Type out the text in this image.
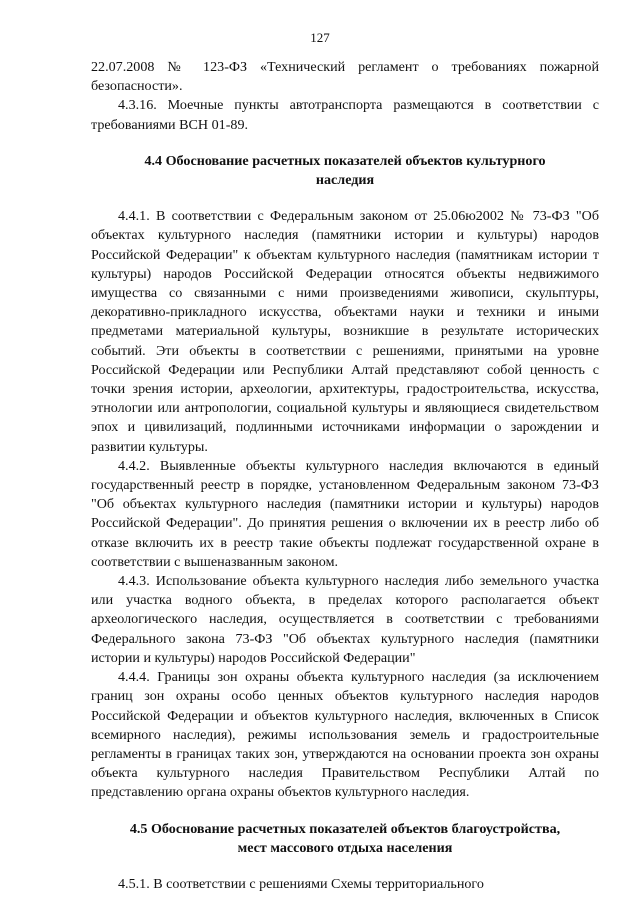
127

22.07.2008 № 123-ФЗ «Технический регламент о требованиях пожарной безопасности».

4.3.16. Моечные пункты автотранспорта размещаются в соответствии с требованиями ВСН 01-89.

4.4 Обоснование расчетных показателей объектов культурного наследия

4.4.1. В соответствии с Федеральным законом от 25.06ю2002 № 73-ФЗ "Об объектах культурного наследия (памятники истории и культуры) народов Российской Федерации" к объектам культурного наследия (памятникам истории т культуры) народов Российской Федерации относятся объекты недвижимого имущества со связанными с ними произведениями живописи, скульптуры, декоративно-прикладного искусства, объектами науки и техники и иными предметами материальной культуры, возникшие в результате исторических событий. Эти объекты в соответствии с решениями, принятыми на уровне Российской Федерации или Республики Алтай представляют собой ценность с точки зрения истории, археологии, архитектуры, градостроительства, искусства, этнологии или антропологии, социальной культуры и являющиеся свидетельством эпох и цивилизаций, подлинными источниками информации о зарождении и развитии культуры.

4.4.2. Выявленные объекты культурного наследия включаются в единый государственный реестр в порядке, установленном Федеральным законом 73-ФЗ "Об объектах культурного наследия (памятники истории и культуры) народов Российской Федерации". До принятия решения о включении их в реестр либо об отказе включить их в реестр такие объекты подлежат государственной охране в соответствии с вышеназванным законом.

4.4.3. Использование объекта культурного наследия либо земельного участка или участка водного объекта, в пределах которого располагается объект археологического наследия, осуществляется в соответствии с требованиями Федерального закона 73-ФЗ "Об объектах культурного наследия (памятники истории и культуры) народов Российской Федерации"

4.4.4. Границы зон охраны объекта культурного наследия (за исключением границ зон охраны особо ценных объектов культурного наследия народов Российской Федерации и объектов культурного наследия, включенных в Список всемирного наследия), режимы использования земель и градостроительные регламенты в границах таких зон, утверждаются на основании проекта зон охраны объекта культурного наследия Правительством Республики Алтай по представлению органа охраны объектов культурного наследия.

4.5 Обоснование расчетных показателей объектов благоустройства, мест массового отдыха населения

4.5.1. В соответствии с решениями Схемы территориального
